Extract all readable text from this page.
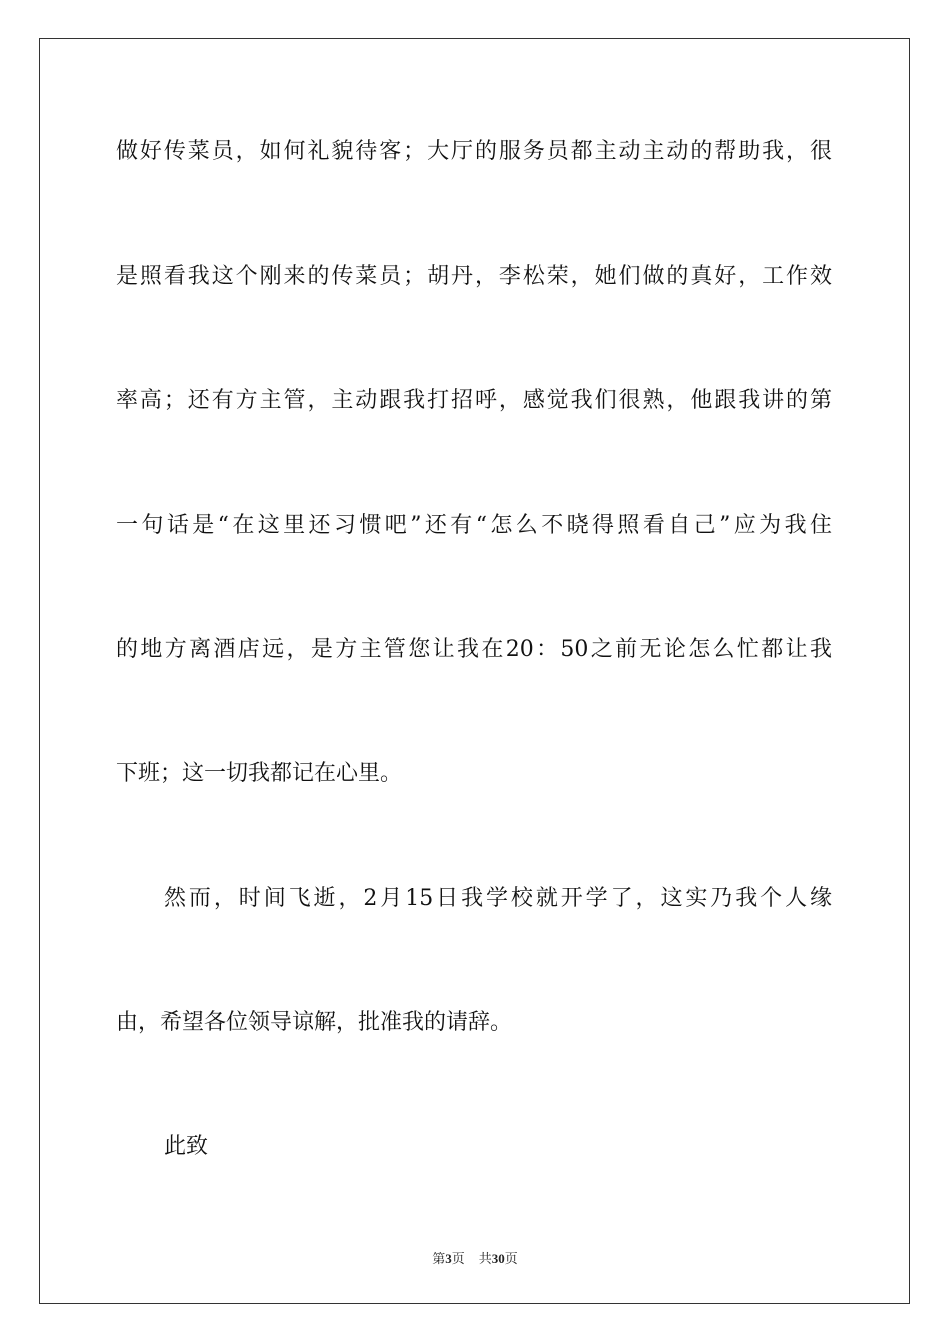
做好传菜员，如何礼貌待客；大厅的服务员都主动主动的帮助我，很
是照看我这个刚来的传菜员；胡丹，李松荣，她们做的真好，工作效
率高；还有方主管，主动跟我打招呼，感觉我们很熟，他跟我讲的第
一句话是“在这里还习惯吧”还有“怎么不晓得照看自己”应为我住
的地方离酒店远，是方主管您让我在20：50之前无论怎么忙都让我
下班；这一切我都记在心里。
然而，时间飞逝，2月15日我学校就开学了，这实乃我个人缘
由，希望各位领导谅解，批准我的请辞。
此致
第3页 共30页
